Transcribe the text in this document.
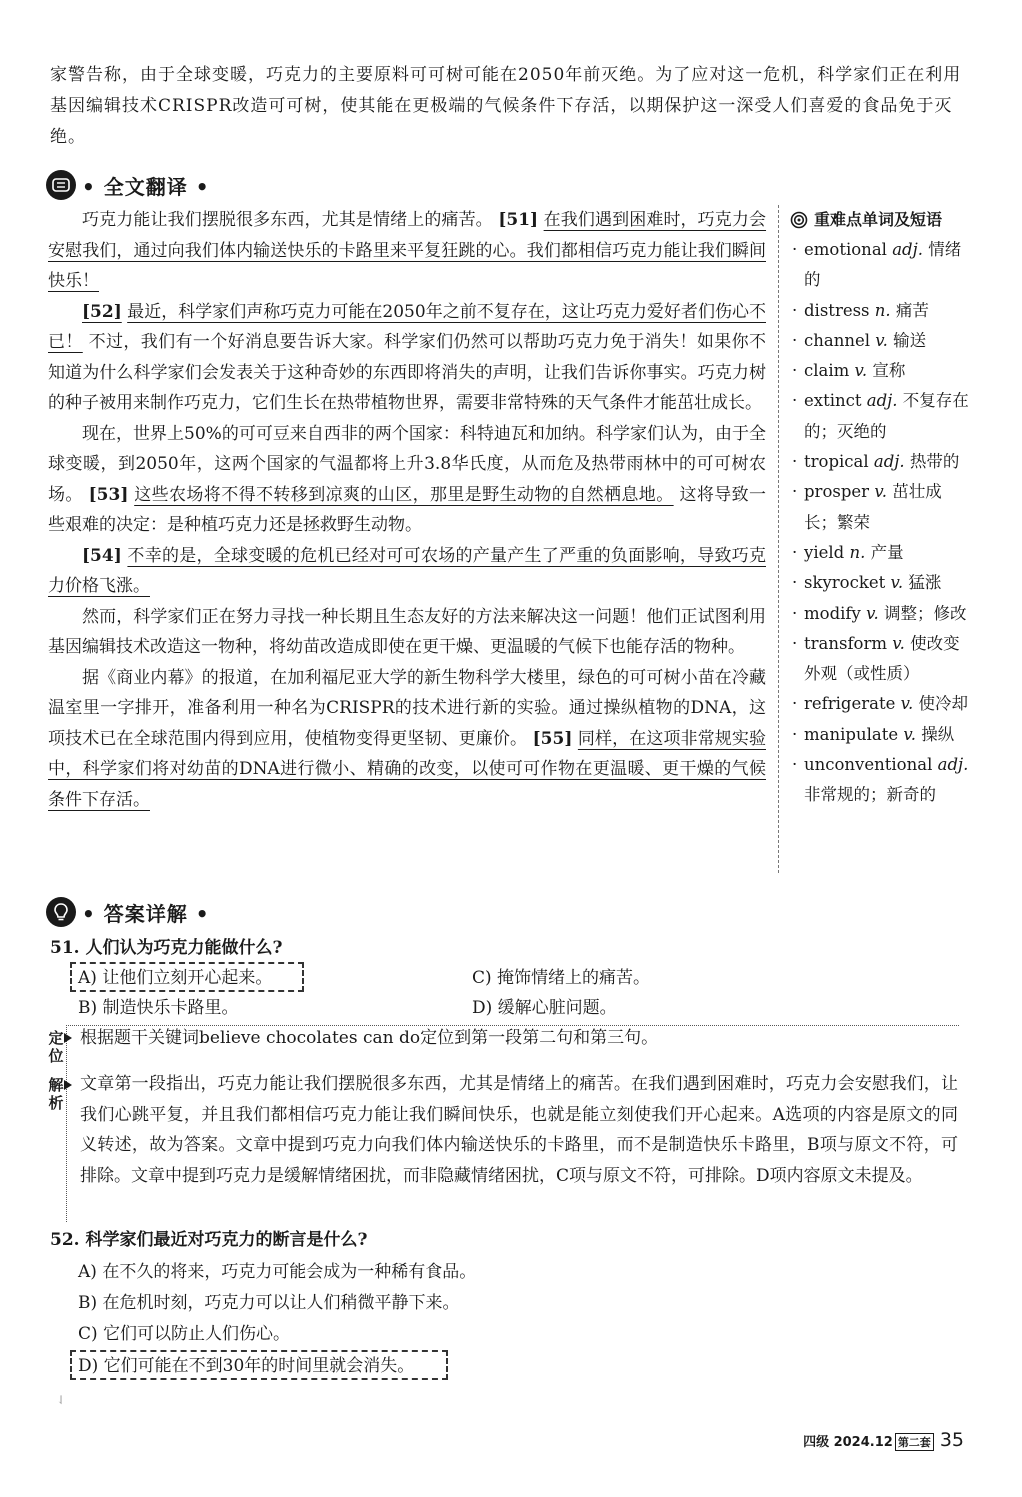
家警告称，由于全球变暖，巧克力的主要原料可可树可能在2050年前灭绝。为了应对这一危机，科学家们正在利用基因编辑技术CRISPR改造可可树，使其能在更极端的气候条件下存活，以期保护这一深受人们喜爱的食品免于灭绝。
• 全文翻译 •

巧克力能让我们摆脱很多东西，尤其是情绪上的痛苦。 [51] 在我们遇到困难时，巧克力会安慰我们，通过向我们体内输送快乐的卡路里来平复狂跳的心。我们都相信巧克力能让我们瞬间快乐！

[52] 最近，科学家们声称巧克力可能在2050年之前不复存在，这让巧克力爱好者们伤心不已！ 不过，我们有一个好消息要告诉大家。科学家们仍然可以帮助巧克力免于消失！如果你不知道为什么科学家们会发表关于这种奇妙的东西即将消失的声明，让我们告诉你事实。巧克力树的种子被用来制作巧克力，它们生长在热带植物世界，需要非常特殊的天气条件才能茁壮成长。

现在，世界上50%的可可豆来自西非的两个国家：科特迪瓦和加纳。科学家们认为，由于全球变暖，到2050年，这两个国家的气温都将上升3.8华氏度，从而危及热带雨林中的可可树农场。 [53] 这些农场将不得不转移到凉爽的山区，那里是野生动物的自然栖息地。 这将导致一些艰难的决定：是种植巧克力还是拯救野生动物。

[54] 不幸的是，全球变暖的危机已经对可可农场的产量产生了严重的负面影响，导致巧克力价格飞涨。

然而，科学家们正在努力寻找一种长期且生态友好的方法来解决这一问题！他们正试图利用基因编辑技术改造这一物种，将幼苗改造成即使在更干燥、更温暖的气候下也能存活的物种。

据《商业内幕》的报道，在加利福尼亚大学的新生物科学大楼里，绿色的可可树小苗在冷藏温室里一字排开，准备利用一种名为CRISPR的技术进行新的实验。通过操纵植物的DNA，这项技术已在全球范围内得到应用，使植物变得更坚韧、更廉价。 [55] 同样，在这项非常规实验中，科学家们将对幼苗的DNA进行微小、精确的改变，以使可可作物在更温暖、更干燥的气候条件下存活。

重难点单词及短语
· emotional adj. 情绪的
· distress n. 痛苦
· channel v. 输送
· claim v. 宣称
· extinct adj. 不复存在的；灭绝的
· tropical adj. 热带的
· prosper v. 茁壮成长；繁荣
· yield n. 产量
· skyrocket v. 猛涨
· modify v. 调整；修改
· transform v. 使改变外观（或性质）
· refrigerate v. 使冷却
· manipulate v. 操纵
· unconventional adj. 非常规的；新奇的
• 答案详解 •
51. 人们认为巧克力能做什么?
A) 让他们立刻开心起来。
B) 制造快乐卡路里。
C) 掩饰情绪上的痛苦。
D) 缓解心脏问题。
定
位
根据题干关键词believe chocolates can do定位到第一段第二句和第三句。
解
析
文章第一段指出，巧克力能让我们摆脱很多东西，尤其是情绪上的痛苦。在我们遇到困难时，巧克力会安慰我们，让我们心跳平复，并且我们都相信巧克力能让我们瞬间快乐，也就是能立刻使我们开心起来。A选项的内容是原文的同义转述，故为答案。文章中提到巧克力向我们体内输送快乐的卡路里，而不是制造快乐卡路里，B项与原文不符，可排除。文章中提到巧克力是缓解情绪困扰，而非隐藏情绪困扰，C项与原文不符，可排除。D项内容原文未提及。
52. 科学家们最近对巧克力的断言是什么?
A) 在不久的将来，巧克力可能会成为一种稀有食品。
B) 在危机时刻，巧克力可以让人们稍微平静下来。
C) 它们可以防止人们伤心。
D) 它们可能在不到30年的时间里就会消失。
⇃
四级 2024.12 第二套 35
